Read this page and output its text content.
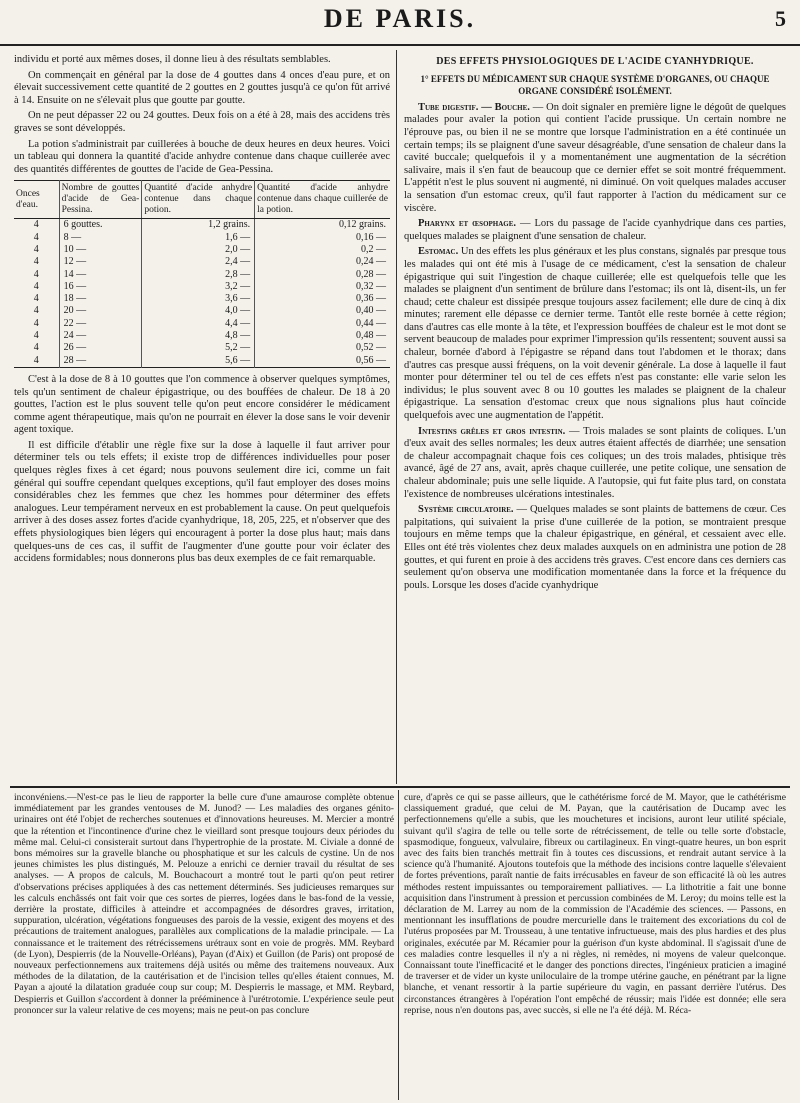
DE PARIS.	5

individu et porté aux mêmes doses, il donne lieu à des résultats semblables.

On commençait en général par la dose de 4 gouttes dans 4 onces d'eau pure, et on élevait successivement cette quantité de 2 gouttes en 2 gouttes jusqu'à ce qu'on fût arrivé à 14. Ensuite on ne s'élevait plus que goutte par goutte.

On ne peut dépasser 22 ou 24 gouttes. Deux fois on a été à 28, mais des accidens très graves se sont développés.

La potion s'administrait par cuillerées à bouche de deux heures en deux heures. Voici un tableau qui donnera la quantité d'acide anhydre contenue dans chaque cuillerée avec des quantités différentes de gouttes de l'acide de Gea-Pessina.

Onces d'eau.	Nombre de gouttes d'acide de Gea-Pessina.	Quantité d'acide anhydre contenue dans chaque potion.	Quantité d'acide anhydre contenue dans chaque cuillerée de la potion.
4	6 gouttes.	1,2 grains.	0,12 grains.
4	8 —	1,6 —	0,16 —
4	10 —	2,0 —	0,2 —
4	12 —	2,4 —	0,24 —
4	14 —	2,8 —	0,28 —
4	16 —	3,2 —	0,32 —
4	18 —	3,6 —	0,36 —
4	20 —	4,0 —	0,40 —
4	22 —	4,4 —	0,44 —
4	24 —	4,8 —	0,48 —
4	26 —	5,2 —	0,52 —
4	28 —	5,6 —	0,56 —

C'est à la dose de 8 à 10 gouttes que l'on commence à observer quelques symptômes, tels qu'un sentiment de chaleur épigastrique, ou des bouffées de chaleur. De 18 à 20 gouttes, l'action est le plus souvent telle qu'on peut encore considérer le médicament comme agent thérapeutique, mais qu'on ne pourrait en élever la dose sans le voir devenir agent toxique.

Il est difficile d'établir une règle fixe sur la dose à laquelle il faut arriver pour déterminer tels ou tels effets; il existe trop de différences individuelles pour poser quelques règles fixes à cet égard; nous pouvons seulement dire ici, comme un fait général qui souffre cependant quelques exceptions, qu'il faut employer des doses moins considérables chez les femmes que chez les hommes pour déterminer des effets analogues. Leur tempérament nerveux en est probablement la cause. On peut quelquefois arriver à des doses assez fortes d'acide cyanhydrique, 18, 205, 225, et n'observer que des effets physiologiques bien légers qui encouragent à porter la dose plus haut; mais dans quelques-uns de ces cas, il suffit de l'augmenter d'une goutte pour voir éclater des accidens formidables; nous donnerons plus bas deux exemples de ce fait remarquable.

DES EFFETS PHYSIOLOGIQUES DE L'ACIDE CYANHYDRIQUE.
1° EFFETS DU MÉDICAMENT SUR CHAQUE SYSTÈME D'ORGANES, OU CHAQUE ORGANE CONSIDÉRÉ ISOLÉMENT.

Tube digestif. — Bouche. — On doit signaler en première ligne le dégoût de quelques malades pour avaler la potion qui contient l'acide prussique. Un certain nombre ne l'éprouve pas, ou bien il ne se montre que lorsque l'administration en a été continuée un certain temps; ils se plaignent d'une saveur désagréable, d'une sensation de chaleur dans la cavité buccale; quelquefois il y a momentanément une augmentation de la sécrétion salivaire, mais il s'en faut de beaucoup que ce dernier effet se soit montré fréquemment. L'appétit n'est le plus souvent ni augmenté, ni diminué. On voit quelques malades accuser la sensation d'un estomac creux, qu'il faut rapporter à l'action du médicament sur ce viscère.

Pharynx et œsophage. — Lors du passage de l'acide cyanhydrique dans ces parties, quelques malades se plaignent d'une sensation de chaleur.

Estomac. Un des effets les plus généraux et les plus constans, signalés par presque tous les malades qui ont été mis à l'usage de ce médicament, c'est la sensation de chaleur épigastrique qui suit l'ingestion de chaque cuillerée; elle est quelquefois telle que les malades se plaignent d'un sentiment de brûlure dans l'estomac; ils ont là, disent-ils, un fer chaud; cette chaleur est dissipée presque toujours assez facilement; elle dure de cinq à dix minutes; rarement elle dépasse ce dernier terme. Tantôt elle reste bornée à cette région; dans d'autres cas elle monte à la tête, et l'expression bouffées de chaleur est le mot dont se servent beaucoup de malades pour exprimer l'impression qu'ils ressentent; souvent aussi sa chaleur, bornée d'abord à l'épigastre se répand dans tout l'abdomen et le thorax; dans d'autres cas presque aussi fréquens, on la voit devenir générale. La dose à laquelle il faut monter pour déterminer tel ou tel de ces effets n'est pas constante: elle varie selon les individus; le plus souvent avec 8 ou 10 gouttes les malades se plaignent de la chaleur épigastrique. La sensation d'estomac creux que nous signalions plus haut coïncide quelquefois avec une augmentation de l'appétit.

Intestins grêles et gros intestin. — Trois malades se sont plaints de coliques. L'un d'eux avait des selles normales; les deux autres étaient affectés de diarrhée; une sensation de chaleur accompagnait chaque fois ces coliques; un des trois malades, phtisique très avancé, âgé de 27 ans, avait, après chaque cuillerée, une petite colique, une sensation de chaleur abdominale; puis une selle liquide. A l'autopsie, qui fut faite plus tard, on constata l'existence de nombreuses ulcérations intestinales.

Système circulatoire. — Quelques malades se sont plaints de battemens de cœur. Ces palpitations, qui suivaient la prise d'une cuillerée de la potion, se montraient presque toujours en même temps que la chaleur épigastrique, en général, et cessaient avec elle. Elles ont été très violentes chez deux malades auxquels on en administra une potion de 28 gouttes, et qui furent en proie à des accidens très graves. C'est encore dans ces derniers cas seulement qu'on observa une modification momentanée dans la force et la fréquence du pouls. Lorsque les doses d'acide cyanhydrique

inconvéniens.—N'est-ce pas le lieu de rapporter la belle cure d'une amaurose complète obtenue immédiatement par les grandes ventouses de M. Junod? — Les maladies des organes génito-urinaires ont été l'objet de recherches soutenues et d'innovations heureuses. M. Mercier a montré que la rétention et l'incontinence d'urine chez le vieillard sont presque toujours deux périodes du même mal. Celui-ci consisterait surtout dans l'hypertrophie de la prostate. M. Civiale a donné de bons mémoires sur la gravelle blanche ou phosphatique et sur les calculs de cystine. Un de nos jeunes chimistes les plus distingués, M. Pelouze a enrichi ce dernier travail du résultat de ses analyses. — A propos de calculs, M. Bouchacourt a montré tout le parti qu'on peut retirer d'observations précises appliquées à des cas nettement déterminés. Ses judicieuses remarques sur les calculs enchâssés ont fait voir que ces sortes de pierres, logées dans le bas-fond de la vessie, derrière la prostate, difficiles à atteindre et accompagnées de désordres graves, irritation, suppuration, ulcération, végétations fongueuses des parois de la vessie, exigent des moyens et des précautions de traitement analogues, parallèles aux complications de la maladie principale. — La connaissance et le traitement des rétrécissemens urétraux sont en voie de progrès. MM. Reybard (de Lyon), Despierris (de la Nouvelle-Orléans), Payan (d'Aix) et Guillon (de Paris) ont proposé de nouveaux perfectionnemens aux traitemens déjà usités ou même des traitemens nouveaux. Aux méthodes de la dilatation, de la cautérisation et de l'incision telles qu'elles étaient connues, M. Payan a ajouté la dilatation graduée coup sur coup; M. Despierris le massage, et MM. Reybard, Despierris et Guillon s'accordent à donner la prééminence à l'urétrotomie. L'expérience seule peut prononcer sur la valeur relative de ces moyens; mais ne peut-on pas conclure

cure, d'après ce qui se passe ailleurs, que le cathétérisme forcé de M. Mayor, que le cathétérisme classiquement gradué, que celui de M. Payan, que la cautérisation de Ducamp avec les perfectionnemens qu'elle a subis, que les mouchetures et incisions, auront leur utilité spéciale, suivant qu'il s'agira de telle ou telle sorte de rétrécissement, de telle ou telle sorte d'obstacle, spasmodique, fongueux, valvulaire, fibreux ou cartilagineux. En vingt-quatre heures, un bon esprit avec des faits bien tranchés mettrait fin à toutes ces discussions, et rendrait autant service à la science qu'à l'humanité. Ajoutons toutefois que la méthode des incisions contre laquelle s'élevaient de fortes préventions, paraît nantie de faits irrécusables en faveur de son efficacité là où les autres méthodes restent impuissantes ou temporairement palliatives. — La lithotritie a fait une bonne acquisition dans l'instrument à pression et percussion combinées de M. Leroy; du moins telle est la déclaration de M. Larrey au nom de la commission de l'Académie des sciences. — Passons, en mentionnant les insufflations de poudre mercurielle dans le traitement des excoriations du col de l'utérus proposées par M. Trousseau, à une tentative infructueuse, mais des plus hardies et des plus originales, exécutée par M. Récamier pour la guérison d'un kyste abdominal. Il s'agissait d'une de ces maladies contre lesquelles il n'y a ni règles, ni remèdes, ni moyens de valeur quelconque. Connaissant toute l'inefficacité et le danger des ponctions directes, l'ingénieux praticien a imaginé de traverser et de vider un kyste uniloculaire de la trompe utérine gauche, en pénétrant par la ligne blanche, et venant ressortir à la partie supérieure du vagin, en passant derrière l'utérus. Des circonstances étrangères à l'opération l'ont empêché de réussir; mais l'idée est donnée; elle sera reprise, nous n'en doutons pas, avec succès, si elle ne l'a été déjà. M. Réca-
